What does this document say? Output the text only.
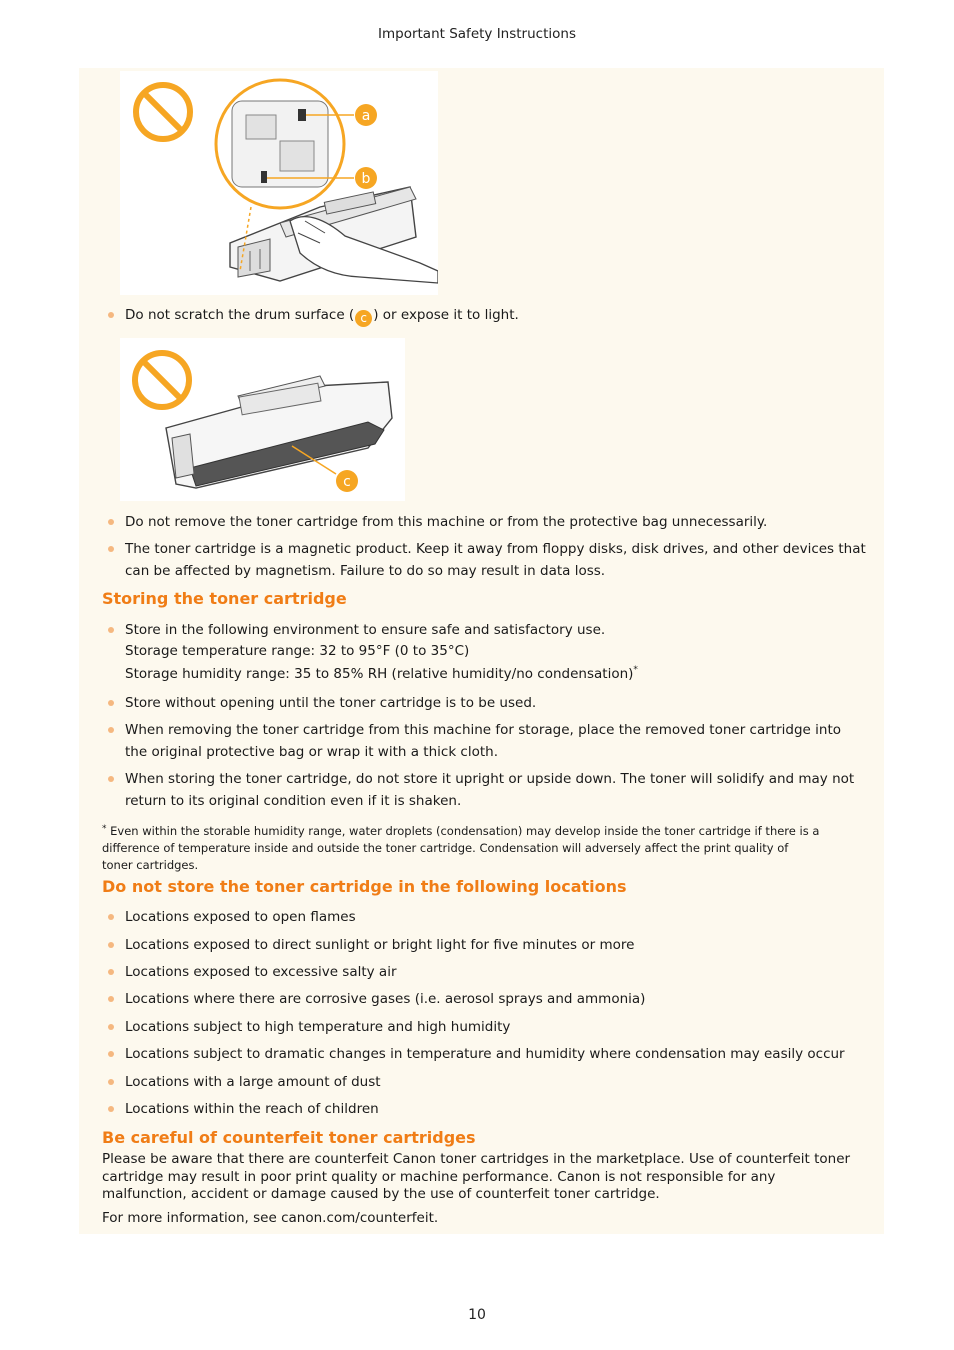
Important Safety Instructions
a
b
Do not scratch the drum surface ( c ) or expose it to light.
c
Do not remove the toner cartridge from this machine or from the protective bag unnecessarily.
The toner cartridge is a magnetic product. Keep it away from floppy disks, disk drives, and other devices that
can be affected by magnetism. Failure to do so may result in data loss.
Storing the toner cartridge
Store in the following environment to ensure safe and satisfactory use.
Storage temperature range: 32 to 95°F (0 to 35°C)
Storage humidity range: 35 to 85% RH (relative humidity/no condensation)*
Store without opening until the toner cartridge is to be used.
When removing the toner cartridge from this machine for storage, place the removed toner cartridge into
the original protective bag or wrap it with a thick cloth.
When storing the toner cartridge, do not store it upright or upside down. The toner will solidify and may not
return to its original condition even if it is shaken.
* Even within the storable humidity range, water droplets (condensation) may develop inside the toner cartridge if there is a
difference of temperature inside and outside the toner cartridge. Condensation will adversely affect the print quality of
toner cartridges.
Do not store the toner cartridge in the following locations
Locations exposed to open flames
Locations exposed to direct sunlight or bright light for five minutes or more
Locations exposed to excessive salty air
Locations where there are corrosive gases (i.e. aerosol sprays and ammonia)
Locations subject to high temperature and high humidity
Locations subject to dramatic changes in temperature and humidity where condensation may easily occur
Locations with a large amount of dust
Locations within the reach of children
Be careful of counterfeit toner cartridges
Please be aware that there are counterfeit Canon toner cartridges in the marketplace. Use of counterfeit toner
cartridge may result in poor print quality or machine performance. Canon is not responsible for any
malfunction, accident or damage caused by the use of counterfeit toner cartridge.
For more information, see canon.com/counterfeit.
10
